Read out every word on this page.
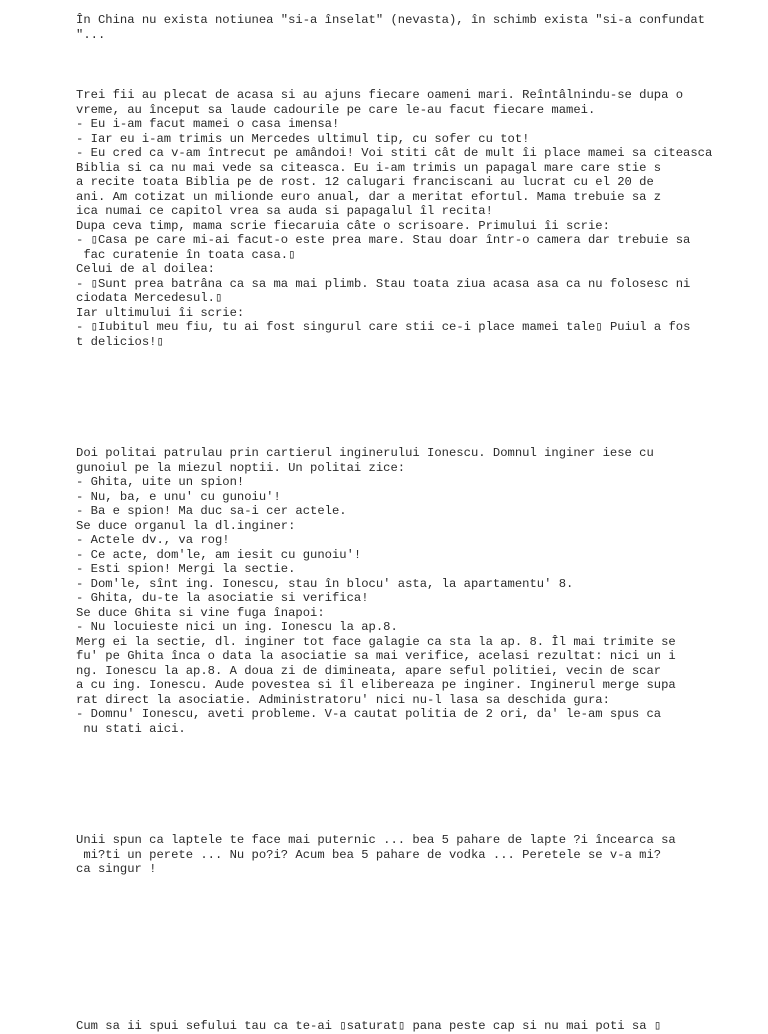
În China nu exista notiunea "si-a înselat" (nevasta), în schimb exista "si-a confundat
"...
Trei fii au plecat de acasa si au ajuns fiecare oameni mari. Reîntâlnindu-se dupa o
vreme, au început sa laude cadourile pe care le-au facut fiecare mamei.
- Eu i-am facut mamei o casa imensa!
- Iar eu i-am trimis un Mercedes ultimul tip, cu sofer cu tot!
- Eu cred ca v-am întrecut pe amândoi! Voi stiti cât de mult îi place mamei sa citeasca
Biblia si ca nu mai vede sa citeasca. Eu i-am trimis un papagal mare care stie s
a recite toata Biblia pe de rost. 12 calugari franciscani au lucrat cu el 20 de
ani. Am cotizat un milionde euro anual, dar a meritat efortul. Mama trebuie sa z
ica numai ce capitol vrea sa auda si papagalul îl recita!
Dupa ceva timp, mama scrie fiecaruia câte o scrisoare. Primului îi scrie:
- ▯Casa pe care mi-ai facut-o este prea mare. Stau doar într-o camera dar trebuie sa
fac curatenie în toata casa.▯
Celui de al doilea:
- ▯Sunt prea batrâna ca sa ma mai plimb. Stau toata ziua acasa asa ca nu folosesc ni
ciodata Mercedesul.▯
Iar ultimului îi scrie:
- ▯Iubitul meu fiu, tu ai fost singurul care stii ce-i place mamei tale▯ Puiul a fos
t delicios!▯
Doi politai patrulau prin cartierul inginerului Ionescu. Domnul inginer iese cu
gunoiul pe la miezul noptii. Un politai zice:
- Ghita, uite un spion!
- Nu, ba, e unu' cu gunoiu'!
- Ba e spion! Ma duc sa-i cer actele.
Se duce organul la dl.inginer:
- Actele dv., va rog!
- Ce acte, dom'le, am iesit cu gunoiu'!
- Esti spion! Mergi la sectie.
- Dom'le, sînt ing. Ionescu, stau în blocu' asta, la apartamentu' 8.
- Ghita, du-te la asociatie si verifica!
Se duce Ghita si vine fuga înapoi:
- Nu locuieste nici un ing. Ionescu la ap.8.
Merg ei la sectie, dl. inginer tot face galagie ca sta la ap. 8. Îl mai trimite se
fu' pe Ghita înca o data la asociatie sa mai verifice, acelasi rezultat: nici un i
ng. Ionescu la ap.8. A doua zi de dimineata, apare seful politiei, vecin de scar
a cu ing. Ionescu. Aude povestea si îl elibereaza pe inginer. Inginerul merge supa
rat direct la asociatie. Administratoru' nici nu-l lasa sa deschida gura:
- Domnu' Ionescu, aveti probleme. V-a cautat politia de 2 ori, da' le-am spus ca
nu stati aici.
Unii spun ca laptele te face mai puternic ... bea 5 pahare de lapte ?i încearca sa
mi?ti un perete ... Nu po?i? Acum bea 5 pahare de vodka ... Peretele se v-a mi?
ca singur !
Cum sa ii spui sefului tau ca te-ai ▯saturat▯ pana peste cap si nu mai poti sa ▯
